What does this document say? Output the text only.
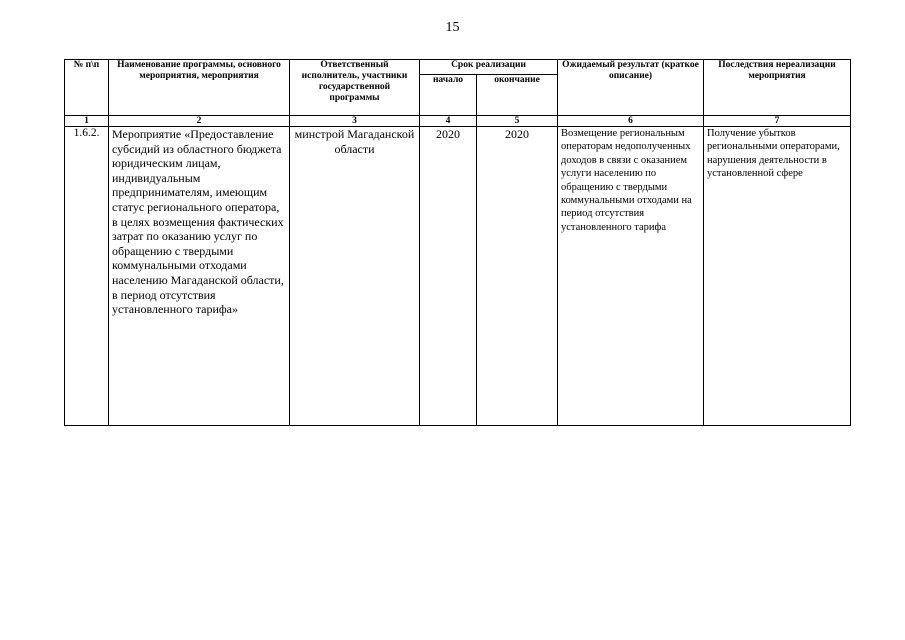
15
№ п\п	Наименование программы, основного мероприятия, мероприятия	Ответственный исполнитель, участники государственной программы	Срок реализации		Ожидаемый результат (краткое описание)	Последствия нереализации мероприятия
			начало	окончание		
1	2	3	4	5	6	7
1.6.2.	Мероприятие «Предоставление субсидий из областного бюджета юридическим лицам, индивидуальным предпринимателям, имеющим статус регионального оператора, в целях возмещения фактических затрат по оказанию услуг по обращению с твердыми коммунальными отходами населению Магаданской области, в период отсутствия установленного тарифа»	минстрой Магаданской области	2020	2020	Возмещение региональным операторам недополученных доходов в связи с оказанием услуги населению по обращению с твердыми коммунальными отходами на период отсутствия установленного тарифа	Получение убытков региональными операторами, нарушения деятельности в установленной сфере
